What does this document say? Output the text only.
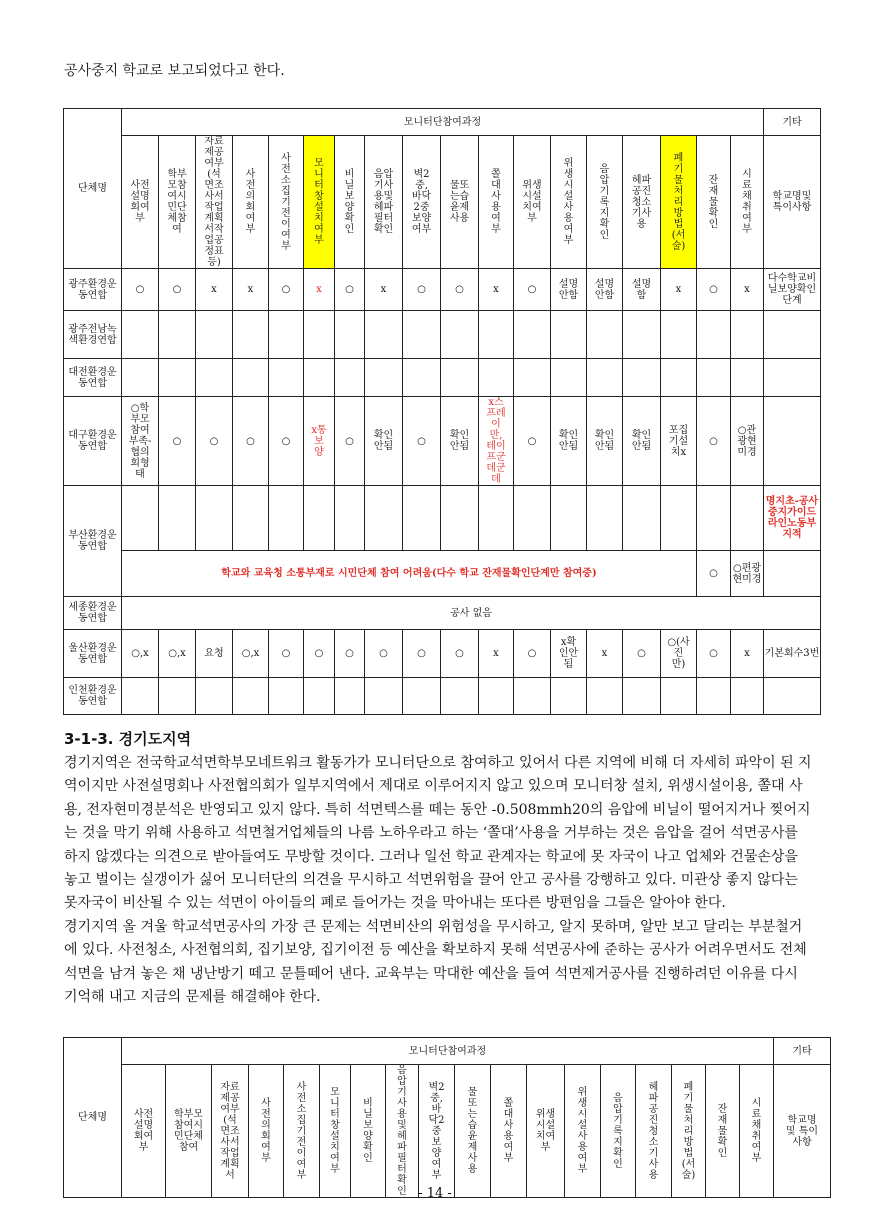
공사중지 학교로 보고되었다고 한다.
단체명	모니터단참여과정																		기타
	사전설명회여부	학부모참여시민단체참여	자료제공여부(석면조사서작업계획서작업공정표등)	사전의회여부	사전소집기전이여부	모니터창설치여부	비닐보양확인	음압기사용및헤파필터확인	벽2중,바닥2중보양여부	물또는습윤제사용	쫄대사용여부	위생시설치여부	위생시설사용여부	음압기록지확인	헤파공진청소기사용	폐기물처리방법(서술)	잔재물확인	시료채취여부	학교명및특이사항
광주환경운동연합	○	○	x	x	○	x	○	x	○	○	x	○	설명안함	설명안함	설명함	x	○	x	다수학교비닐보양확인단계
광주전남녹색환경연합																			
대전환경운동연합																			
대구환경운동연합	○학부모참여부족-협의회형태	○	○	○	○	x통보양	○	확인안됨	○	확인안됨	x스프레이만,테이프군데군데	○	확인안됨	확인안됨	확인안됨	포집기설치x	○	○관광현미경	
부산환경운동연합																			명지초-공사중지가이드라인노동부지적
	학교와 교육청 소통부재로 시민단체 참여 어려움(다수 학교 잔재물확인단계만 참여중)																○	○편광현미경	
세종환경운동연합	공사 없음																		
울산환경운동연합	○,x	○,x	요청	○,x	○	○	○	○	○	○	x	○	x확인안됨	x	○	○(사진만)	○	x	기본회수3번
인천환경운동연합																			
3-1-3. 경기도지역

경기지역은 전국학교석면학부모네트워크 활동가가 모니터단으로 참여하고 있어서 다른 지역에 비해 더 자세히 파악이 된 지역이지만 사전설명회나 사전협의회가 일부지역에서 제대로 이루어지지 않고 있으며 모니터창 설치, 위생시설이용, 쫄대 사용, 전자현미경분석은 반영되고 있지 않다. 특히 석면텍스를 떼는 동안 -0.508mmh20의 음압에 비닐이 떨어지거나 찢어지는 것을 막기 위해 사용하고 석면철거업체들의 나름 노하우라고 하는 ‘쫄대’사용을 거부하는 것은 음압을 걸어 석면공사를 하지 않겠다는 의견으로 받아들여도 무방할 것이다. 그러나 일선 학교 관계자는 학교에 못 자국이 나고 업체와 건물손상을 놓고 벌이는 실갱이가 싫어 모니터단의 의견을 무시하고 석면위험을 끌어 안고 공사를 강행하고 있다. 미관상 좋지 않다는 못자국이 비산될 수 있는 석면이 아이들의 폐로 들어가는 것을 막아내는 또다른 방편임을 그들은 알아야 한다.

경기지역 올 겨울 학교석면공사의 가장 큰 문제는 석면비산의 위험성을 무시하고, 알지 못하며, 알만 보고 달리는 부분철거에 있다. 사전청소, 사전협의회, 집기보양, 집기이전 등 예산을 확보하지 못해 석면공사에 준하는 공사가 어려우면서도 전체 석면을 남겨 놓은 채 냉난방기 떼고 문틀떼어 낸다. 교육부는 막대한 예산을 들여 석면제거공사를 진행하려던 이유를 다시 기억해 내고 지금의 문제를 해결해야 한다.

단체명	모니터단참여과정																		기타
	사전설명회여부	학부모참여시민단체참여	자료제공여부(석면조사서작업계획서	사전의회여부	사전소집기전이여부	모니터창설치여부	비닐보양확인	음압기사용및헤파필터확인	벽2중,바닥2중보양여부	물또는습윤제사용	쫄대사용여부	위생시설치여부	위생시설사용여부	음압기록지확인	헤파공진청소기사용	폐기물처리방법(서술)	잔재물확인	시료채취여부	학교명 및 특이사항
- 14 -
